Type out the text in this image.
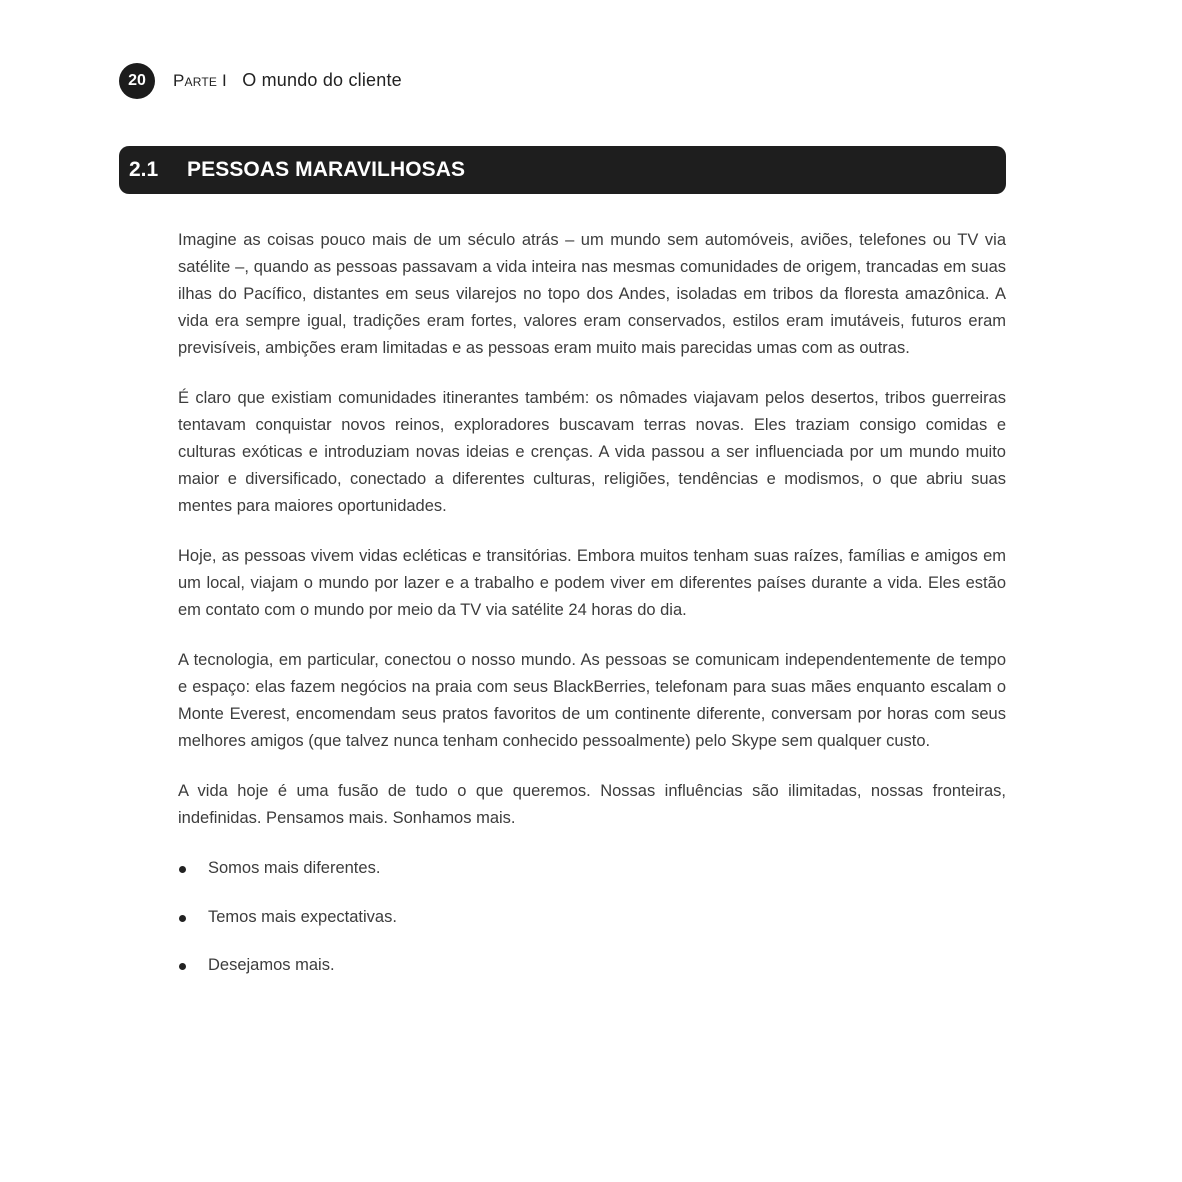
20	Parte I O mundo do cliente
2.1	PESSOAS MARAVILHOSAS

Imagine as coisas pouco mais de um século atrás – um mundo sem automóveis, aviões, telefones ou TV via satélite –, quando as pessoas passavam a vida inteira nas mesmas comunidades de origem, trancadas em suas ilhas do Pacífico, distantes em seus vilarejos no topo dos Andes, isoladas em tribos da floresta amazônica. A vida era sempre igual, tradições eram fortes, valores eram conservados, estilos eram imutáveis, futuros eram previsíveis, ambições eram limitadas e as pessoas eram muito mais parecidas umas com as outras.

É claro que existiam comunidades itinerantes também: os nômades viajavam pelos desertos, tribos guerreiras tentavam conquistar novos reinos, exploradores buscavam terras novas. Eles traziam consigo comidas e culturas exóticas e introduziam novas ideias e crenças. A vida passou a ser influenciada por um mundo muito maior e diversificado, conectado a diferentes culturas, religiões, tendências e modismos, o que abriu suas mentes para maiores oportunidades.

Hoje, as pessoas vivem vidas ecléticas e transitórias. Embora muitos tenham suas raízes, famílias e amigos em um local, viajam o mundo por lazer e a trabalho e podem viver em diferentes países durante a vida. Eles estão em contato com o mundo por meio da TV via satélite 24 horas do dia.

A tecnologia, em particular, conectou o nosso mundo. As pessoas se comunicam independentemente de tempo e espaço: elas fazem negócios na praia com seus BlackBerries, telefonam para suas mães enquanto escalam o Monte Everest, encomendam seus pratos favoritos de um continente diferente, conversam por horas com seus melhores amigos (que talvez nunca tenham conhecido pessoalmente) pelo Skype sem qualquer custo.

A vida hoje é uma fusão de tudo o que queremos. Nossas influências são ilimitadas, nossas fronteiras, indefinidas. Pensamos mais. Sonhamos mais.

Somos mais diferentes.
Temos mais expectativas.
Desejamos mais.
